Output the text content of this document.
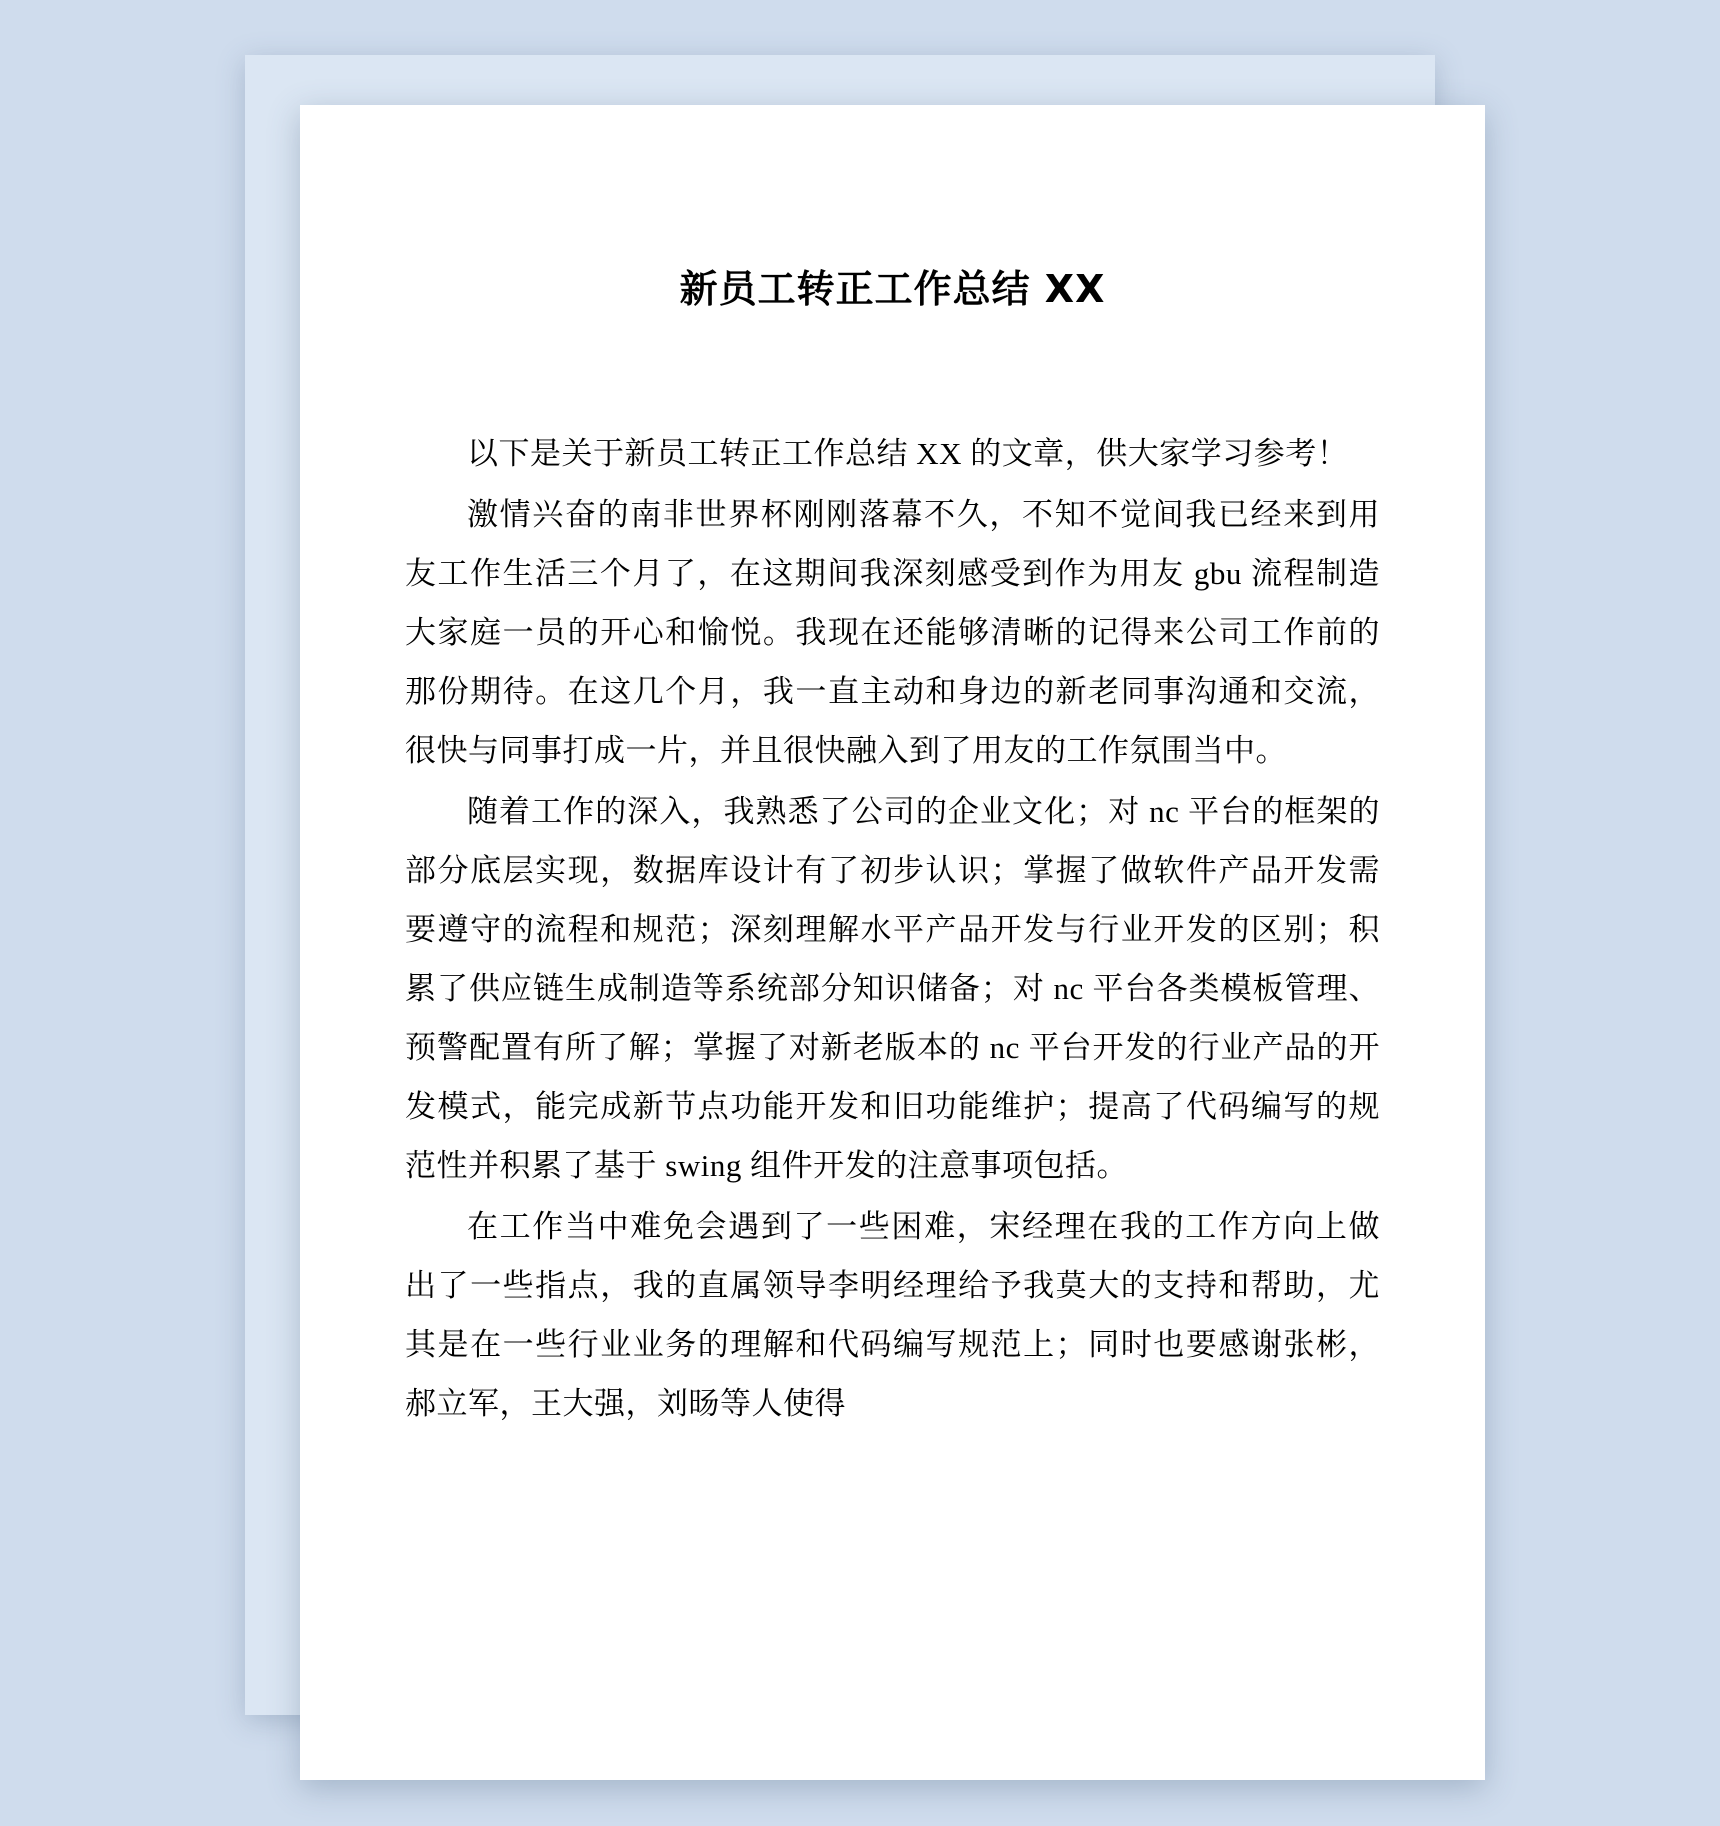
新员工转正工作总结 XX

以下是关于新员工转正工作总结 XX 的文章，供大家学习参考！

激情兴奋的南非世界杯刚刚落幕不久，不知不觉间我已经来到用友工作生活三个月了，在这期间我深刻感受到作为用友 gbu 流程制造大家庭一员的开心和愉悦。我现在还能够清晰的记得来公司工作前的那份期待。在这几个月，我一直主动和身边的新老同事沟通和交流，很快与同事打成一片，并且很快融入到了用友的工作氛围当中。

随着工作的深入，我熟悉了公司的企业文化；对 nc 平台的框架的部分底层实现，数据库设计有了初步认识；掌握了做软件产品开发需要遵守的流程和规范；深刻理解水平产品开发与行业开发的区别；积累了供应链生成制造等系统部分知识储备；对 nc 平台各类模板管理、预警配置有所了解；掌握了对新老版本的 nc 平台开发的行业产品的开发模式，能完成新节点功能开发和旧功能维护；提高了代码编写的规范性并积累了基于 swing 组件开发的注意事项包括。

在工作当中难免会遇到了一些困难，宋经理在我的工作方向上做出了一些指点，我的直属领导李明经理给予我莫大的支持和帮助，尤其是在一些行业业务的理解和代码编写规范上；同时也要感谢张彬，郝立军，王大强，刘旸等人使得
